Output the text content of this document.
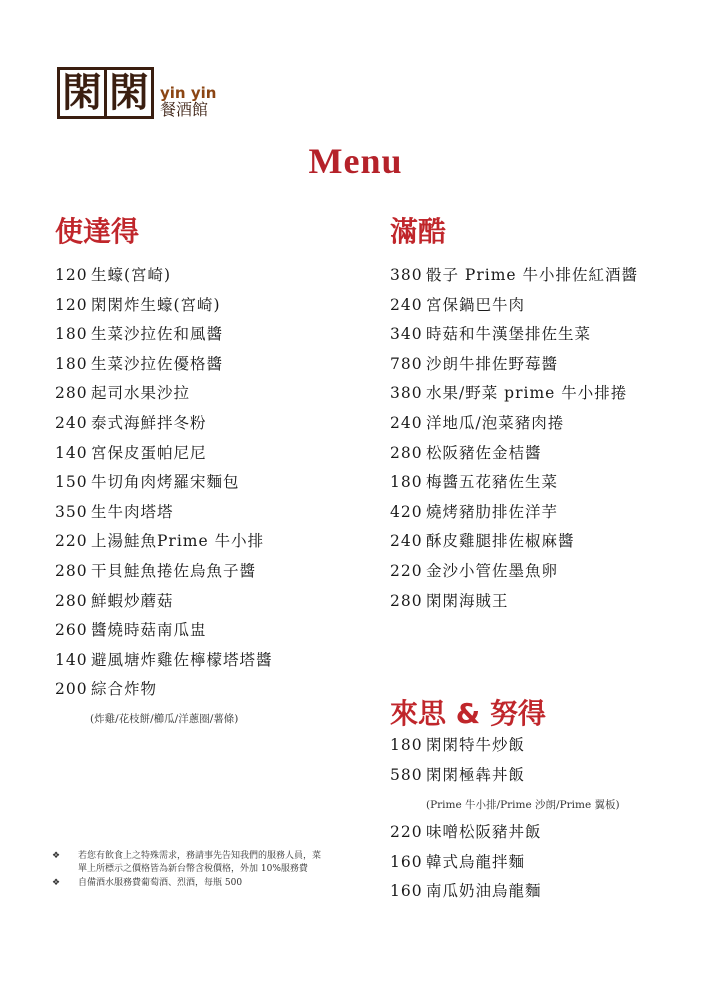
閑 閑 yin yin
餐酒館
Menu
使達得
120 生蠔(宮崎)
120 閑閑炸生蠔(宮崎)
180 生菜沙拉佐和風醬
180 生菜沙拉佐優格醬
280 起司水果沙拉
240 泰式海鮮拌冬粉
140 宮保皮蛋帕尼尼
150 牛切角肉烤羅宋麵包
350 生牛肉塔塔
220 上湯鮭魚Prime 牛小排
280 干貝鮭魚捲佐烏魚子醬
280 鮮蝦炒蘑菇
260 醬燒時菇南瓜盅
140 避風塘炸雞佐檸檬塔塔醬
200 綜合炸物
(炸雞/花枝餅/櫛瓜/洋蔥圈/薯條)
滿酷
380 骰子 Prime 牛小排佐紅酒醬
240 宮保鍋巴牛肉
340 時菇和牛漢堡排佐生菜
780 沙朗牛排佐野莓醬
380 水果/野菜 prime 牛小排捲
240 洋地瓜/泡菜豬肉捲
280 松阪豬佐金桔醬
180 梅醬五花豬佐生菜
420 燒烤豬肋排佐洋芋
240 酥皮雞腿排佐椒麻醬
220 金沙小管佐墨魚卵
280 閑閑海賊王
來思 & 努得
180 閑閑特牛炒飯
580 閑閑極犇丼飯
(Prime 牛小排/Prime 沙朗/Prime 翼板)
220 味噌松阪豬丼飯
160 韓式烏龍拌麵
160 南瓜奶油烏龍麵
❖	若您有飲食上之特殊需求，務請事先告知我們的服務人員，菜單上所標示之價格皆為新台幣含稅價格，外加 10%服務費
❖	自備酒水服務費葡萄酒、烈酒，每瓶 500
